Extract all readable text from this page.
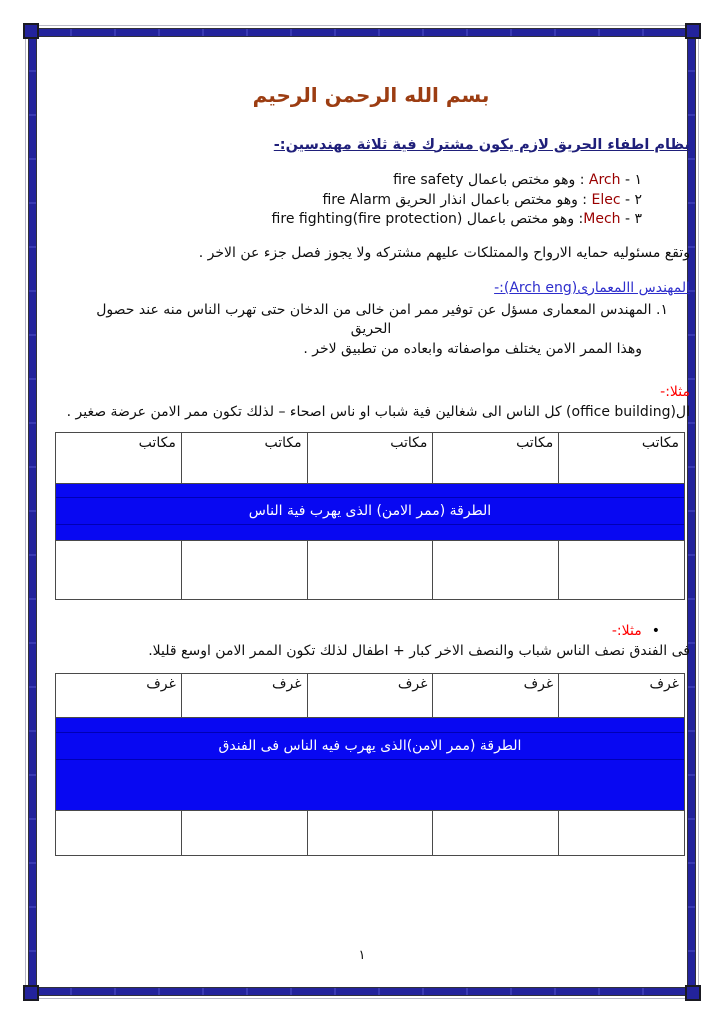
بسم الله الرحمن الرحيم
نظام اطفاء الحريق لازم يكون مشترك فية ثلاثة مهندسين:-
١ - Arch : وهو مختص باعمال fire safety
٢ - Elec : وهو مختص باعمال انذار الحريق fire Alarm
٣ - Mech: وهو مختص باعمال (fire protection)fire fighting
وتقع مسئوليه حمايه الارواح والممتلكات عليهم مشتركه ولا يجوز فصل جزء عن الاخر .
المهندس االمعمارى(Arch eng):-
١. المهندس المعمارى مسؤل عن توفير ممر امن خالى من الدخان حتى تهرب الناس منه عند حصول
الحريق
وهذا الممر الامن يختلف مواصفاته وابعاده من تطبيق لاخر .
مثلا:-
ال(office building) كل الناس الى شغالين فية شباب او ناس اصحاء – لذلك تكون ممر الامن عرضة صغير .
مكاتب	مكاتب	مكاتب	مكاتب	مكاتب

الطرقة (ممر الامن) الذى يهرب فية الناس				

•مثلا:-
فى الفندق نصف الناس شباب والنصف الاخر كبار + اطفال لذلك تكون الممر الامن اوسع قليلا.
غرف	غرف	غرف	غرف	غرف

الطرقة (ممر الامن)الذى يهرب فيه الناس فى الفندق				

١
